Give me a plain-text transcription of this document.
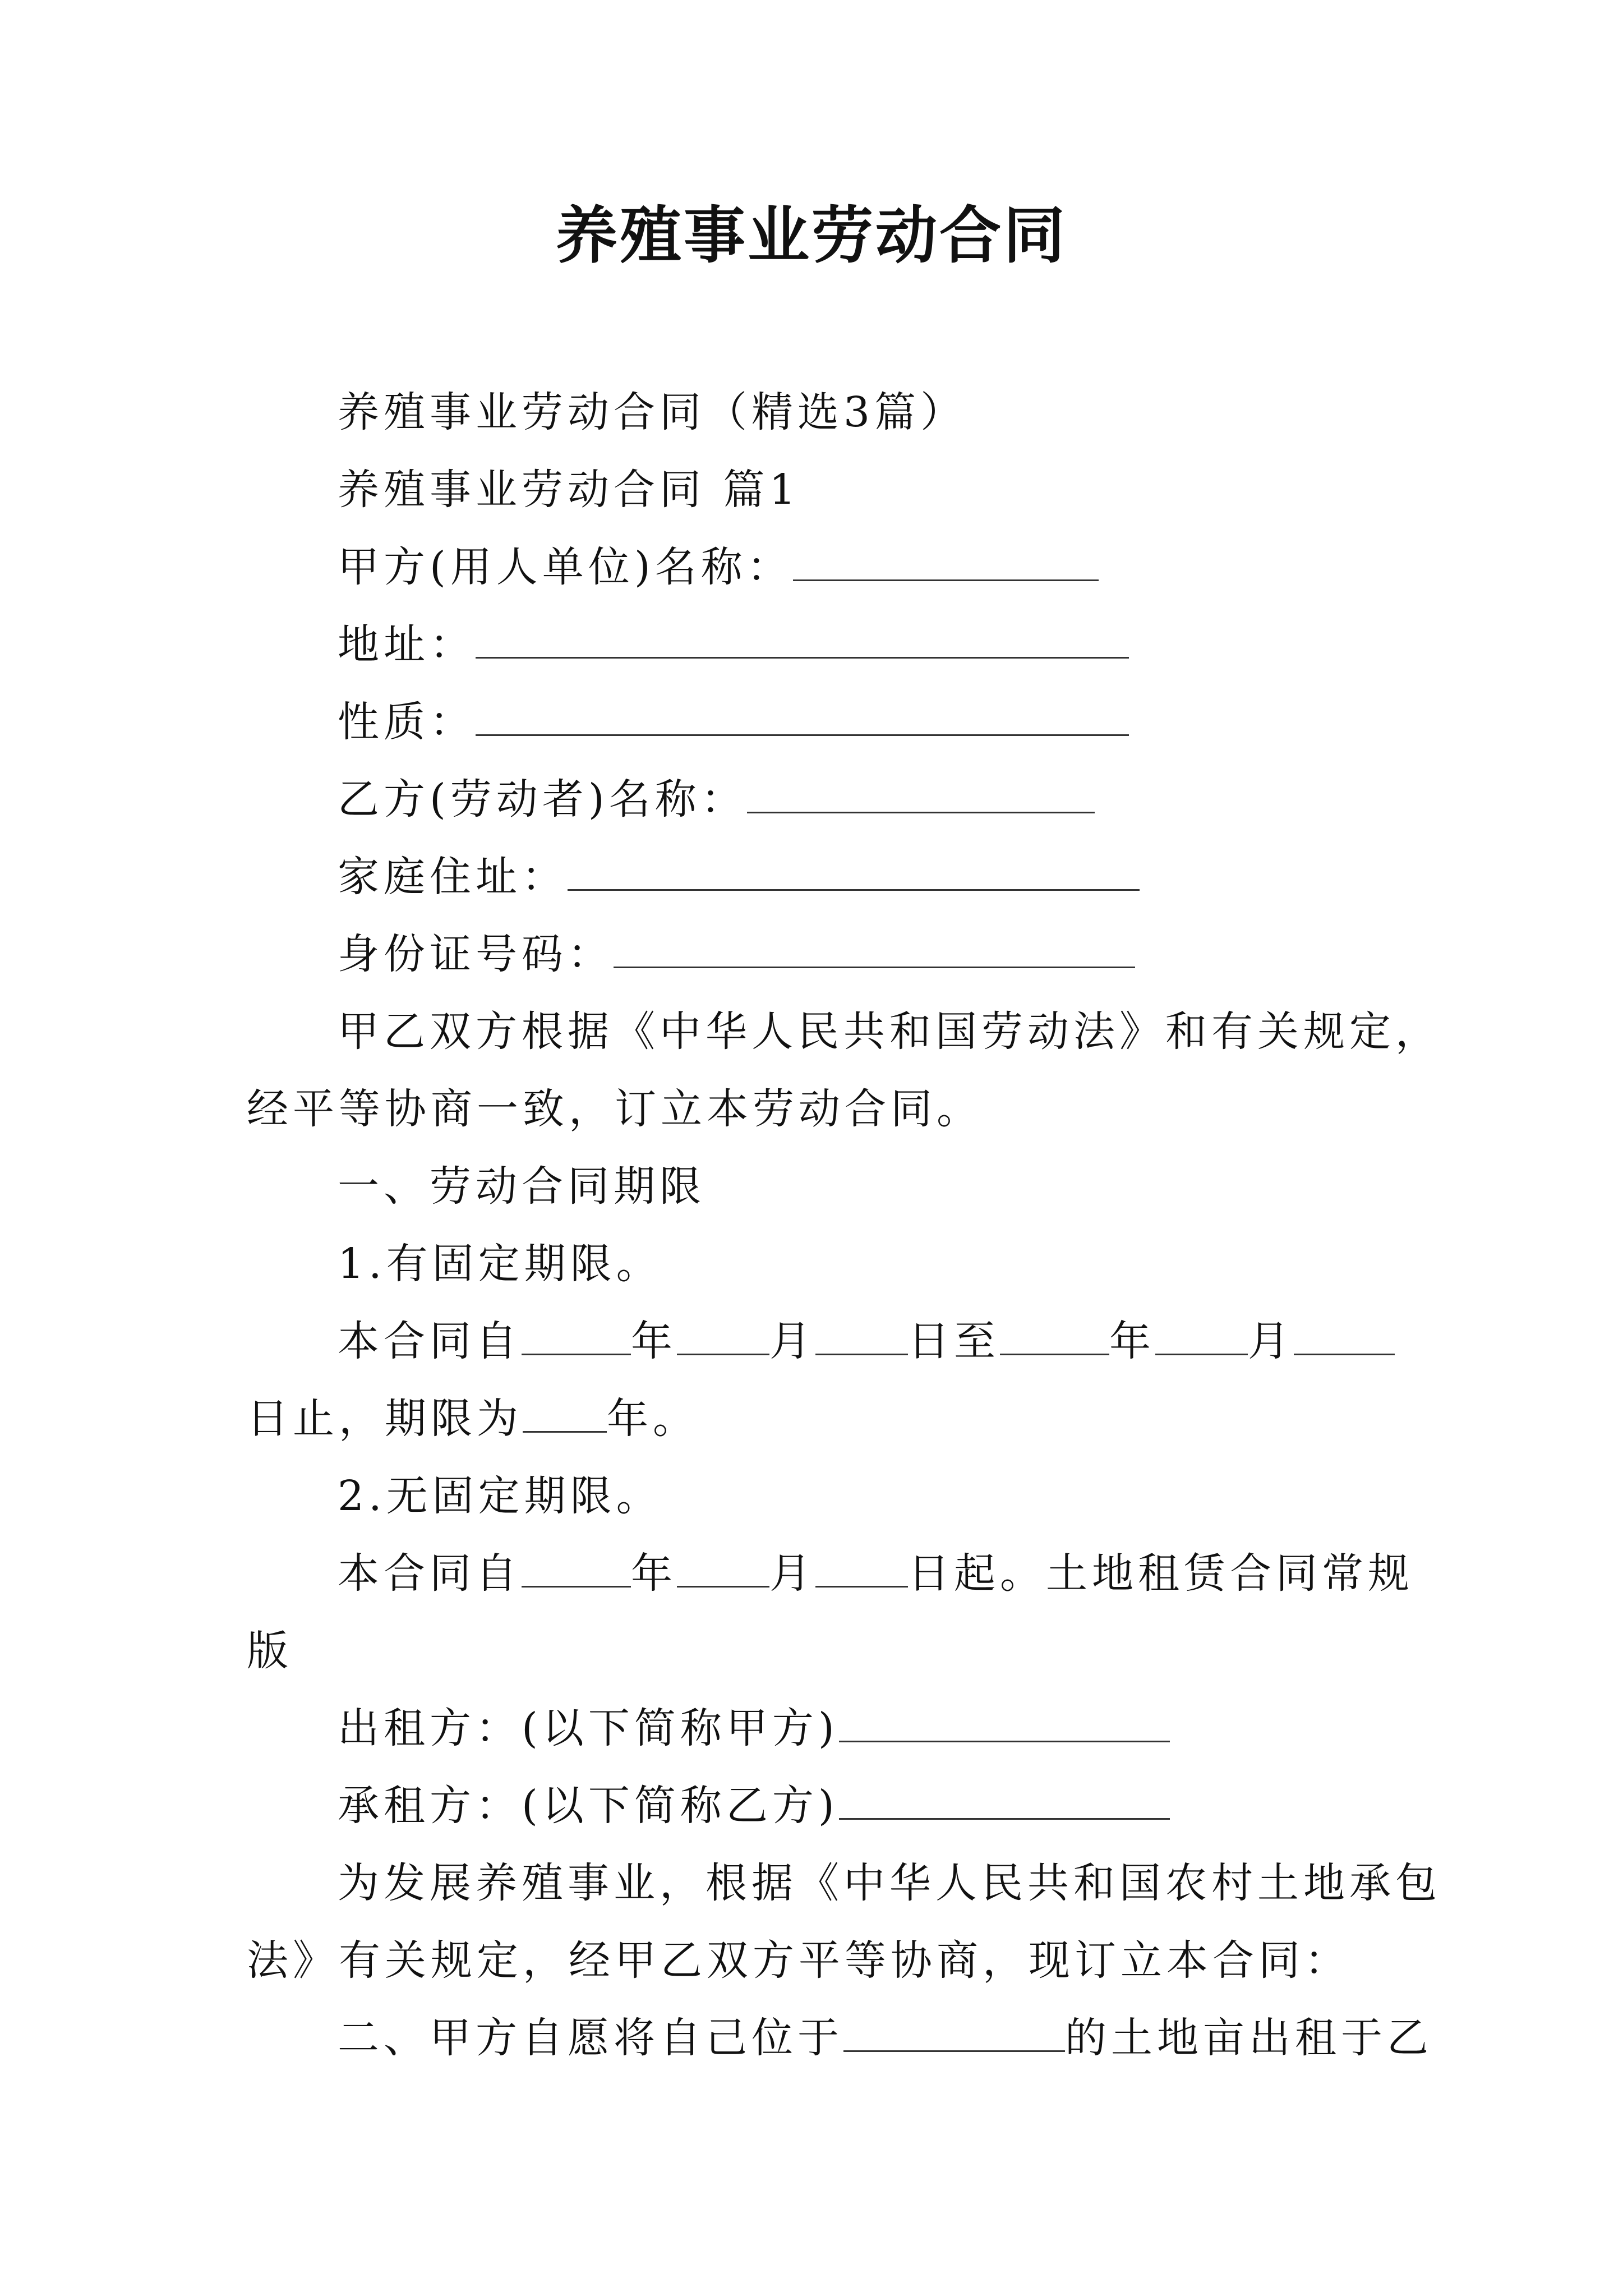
养殖事业劳动合同
养殖事业劳动合同（精选3篇）
养殖事业劳动合同 篇1
甲方(用人单位)名称：
地址：
性质：
乙方(劳动者)名称：
家庭住址：
身份证号码：
甲乙双方根据《中华人民共和国劳动法》和有关规定，
经平等协商一致，订立本劳动合同。
一、劳动合同期限
1.有固定期限。
本合同自	年 月 日至	年 月
日止，期限为 年。
2.无固定期限。
本合同自	年 月 日起。土地租赁合同常规
版
出租方：(以下简称甲方)
承租方：(以下简称乙方)
为发展养殖事业，根据《中华人民共和国农村土地承包
法》有关规定，经甲乙双方平等协商，现订立本合同：
二、甲方自愿将自己位于	的土地亩出租于乙
